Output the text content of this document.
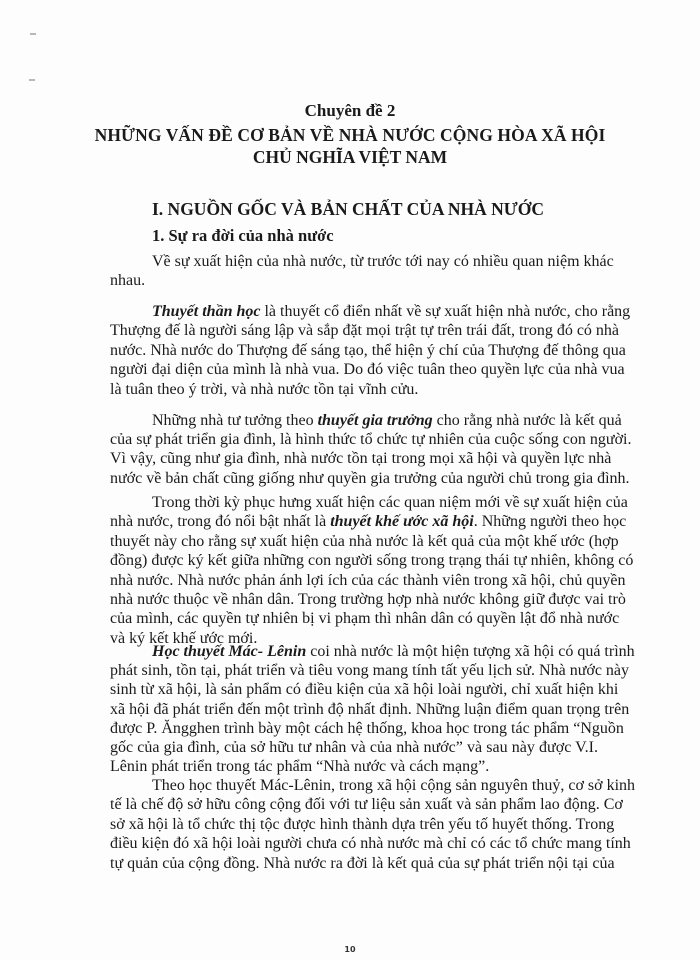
Chuyên đề 2
NHỮNG VẤN ĐỀ CƠ BẢN VỀ NHÀ NƯỚC CỘNG HÒA XÃ HỘI
CHỦ NGHĨA VIỆT NAM
I. NGUỒN GỐC VÀ BẢN CHẤT CỦA NHÀ NƯỚC
1. Sự ra đời của nhà nước
Về sự xuất hiện của nhà nước, từ trước tới nay có nhiều quan niệm khác
nhau.
Thuyết thần học là thuyết cổ điển nhất về sự xuất hiện nhà nước, cho rằng
Thượng đế là người sáng lập và sắp đặt mọi trật tự trên trái đất, trong đó có nhà
nước. Nhà nước do Thượng đế sáng tạo, thể hiện ý chí của Thượng đế thông qua
người đại diện của mình là nhà vua. Do đó việc tuân theo quyền lực của nhà vua
là tuân theo ý trời, và nhà nước tồn tại vĩnh cửu.
Những nhà tư tưởng theo thuyết gia trưởng cho rằng nhà nước là kết quả
của sự phát triển gia đình, là hình thức tổ chức tự nhiên của cuộc sống con người.
Vì vậy, cũng như gia đình, nhà nước tồn tại trong mọi xã hội và quyền lực nhà
nước về bản chất cũng giống như quyền gia trưởng của người chủ trong gia đình.
Trong thời kỳ phục hưng xuất hiện các quan niệm mới về sự xuất hiện của
nhà nước, trong đó nổi bật nhất là thuyết khế ước xã hội. Những người theo học
thuyết này cho rằng sự xuất hiện của nhà nước là kết quả của một khế ước (hợp
đồng) được ký kết giữa những con người sống trong trạng thái tự nhiên, không có
nhà nước. Nhà nước phản ánh lợi ích của các thành viên trong xã hội, chủ quyền
nhà nước thuộc về nhân dân. Trong trường hợp nhà nước không giữ được vai trò
của mình, các quyền tự nhiên bị vi phạm thì nhân dân có quyền lật đổ nhà nước
và ký kết khế ước mới.
Học thuyết Mác- Lênin coi nhà nước là một hiện tượng xã hội có quá trình
phát sinh, tồn tại, phát triển và tiêu vong mang tính tất yếu lịch sử. Nhà nước này
sinh từ xã hội, là sản phẩm có điều kiện của xã hội loài người, chỉ xuất hiện khi
xã hội đã phát triển đến một trình độ nhất định. Những luận điểm quan trọng trên
được P. Ăngghen trình bày một cách hệ thống, khoa học trong tác phẩm “Nguồn
gốc của gia đình, của sở hữu tư nhân và của nhà nước” và sau này được V.I.
Lênin phát triển trong tác phẩm “Nhà nước và cách mạng”.
Theo học thuyết Mác-Lênin, trong xã hội cộng sản nguyên thuỷ, cơ sở kinh
tế là chế độ sở hữu công cộng đối với tư liệu sản xuất và sản phẩm lao động. Cơ
sở xã hội là tổ chức thị tộc được hình thành dựa trên yếu tố huyết thống. Trong
điều kiện đó xã hội loài người chưa có nhà nước mà chỉ có các tổ chức mang tính
tự quản của cộng đồng. Nhà nước ra đời là kết quả của sự phát triển nội tại của
10
